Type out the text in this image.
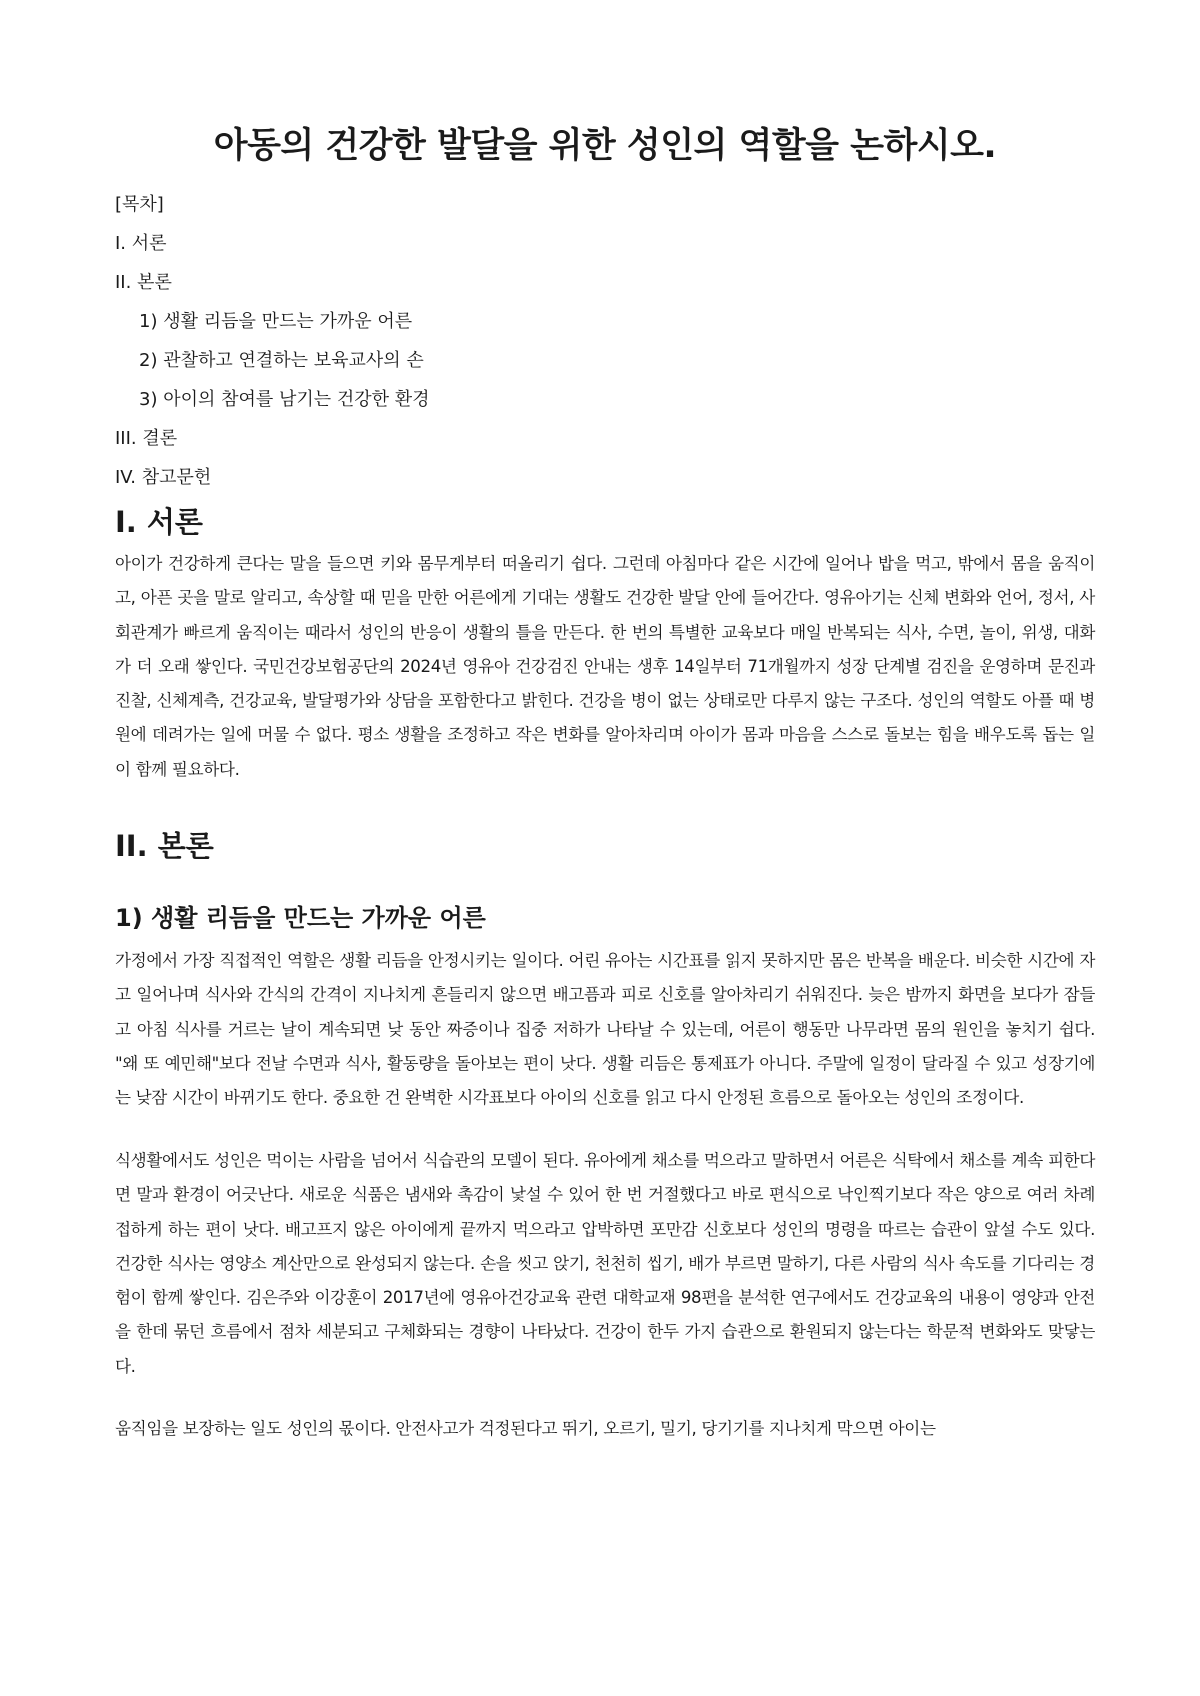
아동의 건강한 발달을 위한 성인의 역할을 논하시오.
[목차]
I. 서론
II. 본론
1) 생활 리듬을 만드는 가까운 어른
2) 관찰하고 연결하는 보육교사의 손
3) 아이의 참여를 남기는 건강한 환경
III. 결론
IV. 참고문헌
I. 서론

아이가 건강하게 큰다는 말을 들으면 키와 몸무게부터 떠올리기 쉽다. 그런데 아침마다 같은 시간에 일어나 밥을 먹고, 밖에서 몸을 움직이고, 아픈 곳을 말로 알리고, 속상할 때 믿을 만한 어른에게 기대는 생활도 건강한 발달 안에 들어간다. 영유아기는 신체 변화와 언어, 정서, 사회관계가 빠르게 움직이는 때라서 성인의 반응이 생활의 틀을 만든다. 한 번의 특별한 교육보다 매일 반복되는 식사, 수면, 놀이, 위생, 대화가 더 오래 쌓인다. 국민건강보험공단의 2024년 영유아 건강검진 안내는 생후 14일부터 71개월까지 성장 단계별 검진을 운영하며 문진과 진찰, 신체계측, 건강교육, 발달평가와 상담을 포함한다고 밝힌다. 건강을 병이 없는 상태로만 다루지 않는 구조다. 성인의 역할도 아플 때 병원에 데려가는 일에 머물 수 없다. 평소 생활을 조정하고 작은 변화를 알아차리며 아이가 몸과 마음을 스스로 돌보는 힘을 배우도록 돕는 일이 함께 필요하다.

II. 본론
1) 생활 리듬을 만드는 가까운 어른

가정에서 가장 직접적인 역할은 생활 리듬을 안정시키는 일이다. 어린 유아는 시간표를 읽지 못하지만 몸은 반복을 배운다. 비슷한 시간에 자고 일어나며 식사와 간식의 간격이 지나치게 흔들리지 않으면 배고픔과 피로 신호를 알아차리기 쉬워진다. 늦은 밤까지 화면을 보다가 잠들고 아침 식사를 거르는 날이 계속되면 낮 동안 짜증이나 집중 저하가 나타날 수 있는데, 어른이 행동만 나무라면 몸의 원인을 놓치기 쉽다. "왜 또 예민해"보다 전날 수면과 식사, 활동량을 돌아보는 편이 낫다. 생활 리듬은 통제표가 아니다. 주말에 일정이 달라질 수 있고 성장기에는 낮잠 시간이 바뀌기도 한다. 중요한 건 완벽한 시각표보다 아이의 신호를 읽고 다시 안정된 흐름으로 돌아오는 성인의 조정이다.

식생활에서도 성인은 먹이는 사람을 넘어서 식습관의 모델이 된다. 유아에게 채소를 먹으라고 말하면서 어른은 식탁에서 채소를 계속 피한다면 말과 환경이 어긋난다. 새로운 식품은 냄새와 촉감이 낯설 수 있어 한 번 거절했다고 바로 편식으로 낙인찍기보다 작은 양으로 여러 차례 접하게 하는 편이 낫다. 배고프지 않은 아이에게 끝까지 먹으라고 압박하면 포만감 신호보다 성인의 명령을 따르는 습관이 앞설 수도 있다. 건강한 식사는 영양소 계산만으로 완성되지 않는다. 손을 씻고 앉기, 천천히 씹기, 배가 부르면 말하기, 다른 사람의 식사 속도를 기다리는 경험이 함께 쌓인다. 김은주와 이강훈이 2017년에 영유아건강교육 관련 대학교재 98편을 분석한 연구에서도 건강교육의 내용이 영양과 안전을 한데 묶던 흐름에서 점차 세분되고 구체화되는 경향이 나타났다. 건강이 한두 가지 습관으로 환원되지 않는다는 학문적 변화와도 맞닿는다.

움직임을 보장하는 일도 성인의 몫이다. 안전사고가 걱정된다고 뛰기, 오르기, 밀기, 당기기를 지나치게 막으면 아이는
